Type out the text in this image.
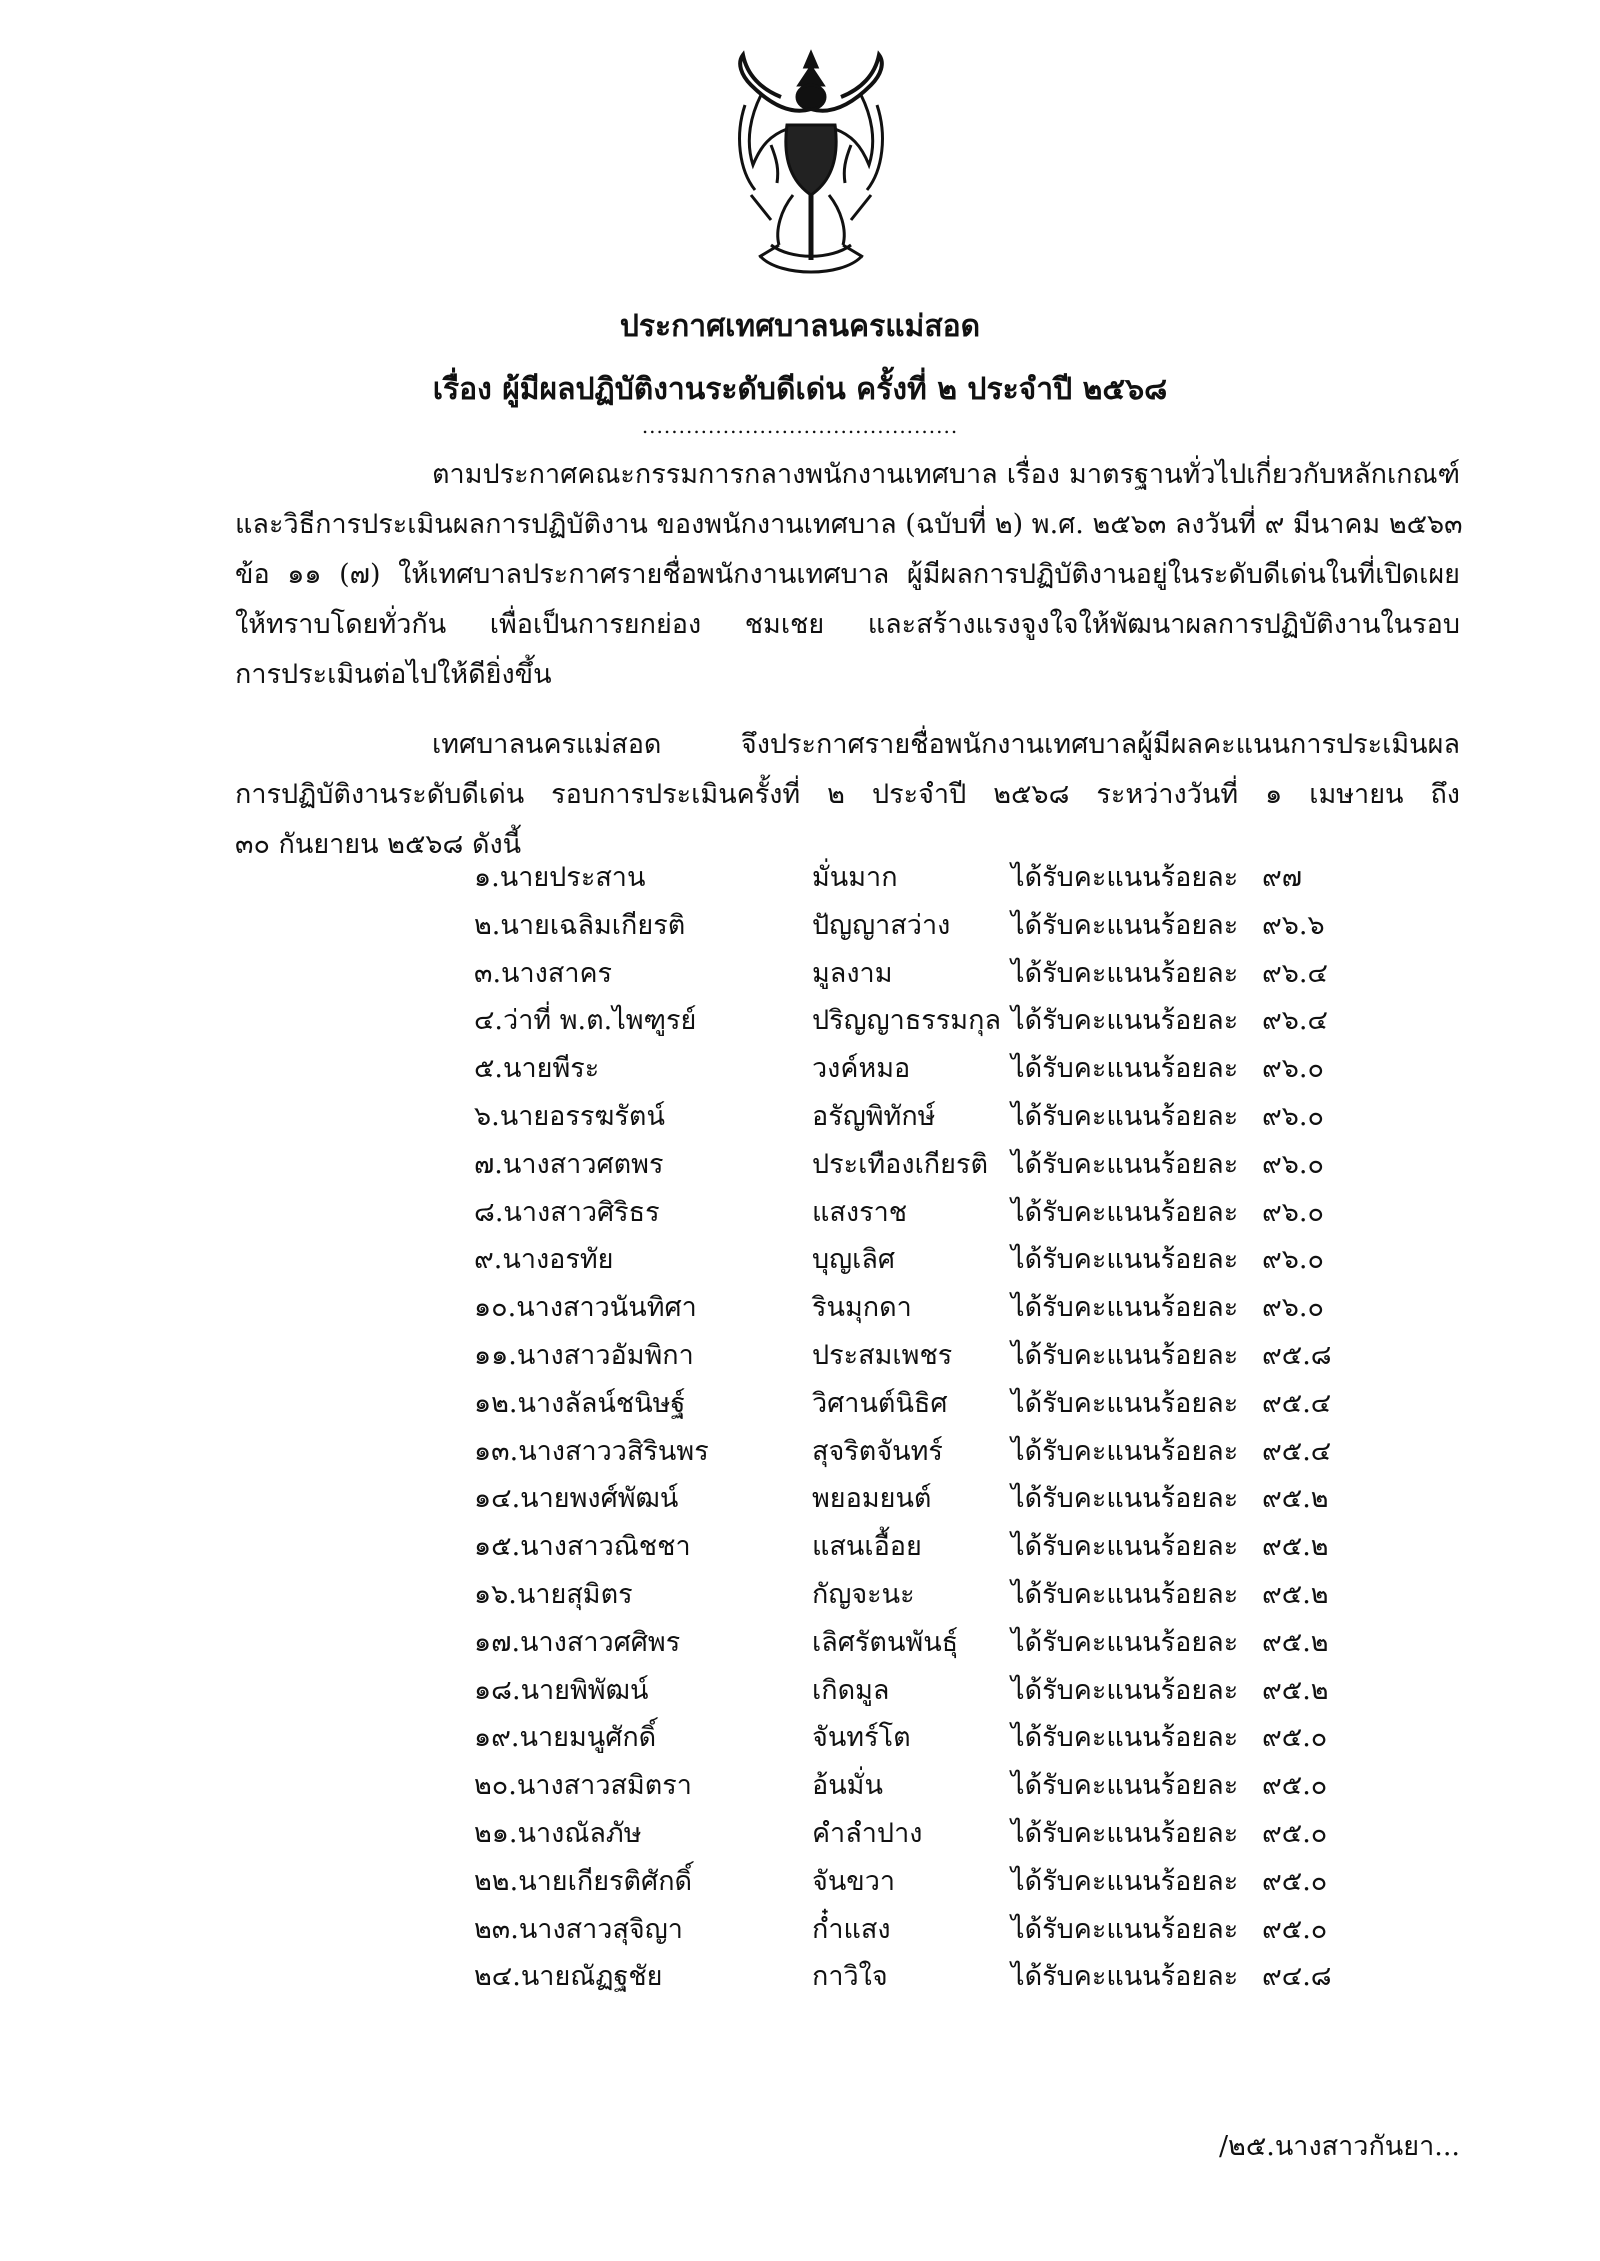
ประกาศเทศบาลนครแม่สอด
เรื่อง ผู้มีผลปฏิบัติงานระดับดีเด่น ครั้งที่ ๒ ประจำปี ๒๕๖๘
...........................................
ตามประกาศคณะกรรมการกลางพนักงานเทศบาล เรื่อง มาตรฐานทั่วไปเกี่ยวกับหลักเกณฑ์
และวิธีการประเมินผลการปฏิบัติงาน ของพนักงานเทศบาล (ฉบับที่ ๒) พ.ศ. ๒๕๖๓ ลงวันที่ ๙ มีนาคม ๒๕๖๓
ข้อ ๑๑ (๗) ให้เทศบาลประกาศรายชื่อพนักงานเทศบาล ผู้มีผลการปฏิบัติงานอยู่ในระดับดีเด่นในที่เปิดเผย
ให้ทราบโดยทั่วกัน เพื่อเป็นการยกย่อง ชมเชย และสร้างแรงจูงใจให้พัฒนาผลการปฏิบัติงานในรอบ
การประเมินต่อไปให้ดียิ่งขึ้น
เทศบาลนครแม่สอด จึงประกาศรายชื่อพนักงานเทศบาลผู้มีผลคะแนนการประเมินผล
การปฏิบัติงานระดับดีเด่น รอบการประเมินครั้งที่ ๒ ประจำปี ๒๕๖๘ ระหว่างวันที่ ๑ เมษายน ถึง
๓๐ กันยายน ๒๕๖๘ ดังนี้
๑.นายประสาน	มั่นมาก	ได้รับคะแนนร้อยละ ๙๗
๒.นายเฉลิมเกียรติ	ปัญญาสว่าง ได้รับคะแนนร้อยละ ๙๖.๖
๓.นางสาคร	มูลงาม	ได้รับคะแนนร้อยละ ๙๖.๔
๔.ว่าที่ พ.ต.ไพฑูรย์	ปริญญาธรรมกุล ได้รับคะแนนร้อยละ ๙๖.๔
๕.นายพีระ	วงค์หมอ	ได้รับคะแนนร้อยละ ๙๖.๐
๖.นายอรรฆรัตน์	อรัญพิทักษ์	ได้รับคะแนนร้อยละ ๙๖.๐
๗.นางสาวศตพร	ประเทืองเกียรติ ได้รับคะแนนร้อยละ ๙๖.๐
๘.นางสาวศิริธร	แสงราช	ได้รับคะแนนร้อยละ ๙๖.๐
๙.นางอรทัย	บุญเลิศ	ได้รับคะแนนร้อยละ ๙๖.๐
๑๐.นางสาวนันทิศา	รินมุกดา	ได้รับคะแนนร้อยละ ๙๖.๐
๑๑.นางสาวอัมพิกา	ประสมเพชร ได้รับคะแนนร้อยละ ๙๕.๘
๑๒.นางลัลน์ชนิษฐ์	วิศานต์นิธิศ ได้รับคะแนนร้อยละ ๙๕.๔
๑๓.นางสาววสิรินพร	สุจริตจันทร์	ได้รับคะแนนร้อยละ ๙๕.๔
๑๔.นายพงศ์พัฒน์	พยอมยนต์	ได้รับคะแนนร้อยละ ๙๕.๒
๑๕.นางสาวณิชชา	แสนเอื้อย	ได้รับคะแนนร้อยละ ๙๕.๒
๑๖.นายสุมิตร	กัญจะนะ	ได้รับคะแนนร้อยละ ๙๕.๒
๑๗.นางสาวศศิพร	เลิศรัตนพันธุ์ ได้รับคะแนนร้อยละ ๙๕.๒
๑๘.นายพิพัฒน์	เกิดมูล	ได้รับคะแนนร้อยละ ๙๕.๒
๑๙.นายมนูศักดิ์	จันทร์โต	ได้รับคะแนนร้อยละ ๙๕.๐
๒๐.นางสาวสมิตรา	อ้นมั่น	ได้รับคะแนนร้อยละ ๙๕.๐
๒๑.นางณัลภัษ	คำลำปาง	ได้รับคะแนนร้อยละ ๙๕.๐
๒๒.นายเกียรติศักดิ์	จันขวา	ได้รับคะแนนร้อยละ ๙๕.๐
๒๓.นางสาวสุจิญา	ก๋ำแสง	ได้รับคะแนนร้อยละ ๙๕.๐
๒๔.นายณัฏฐชัย	กาวิใจ	ได้รับคะแนนร้อยละ ๙๔.๘
/๒๕.นางสาวกันยา...
